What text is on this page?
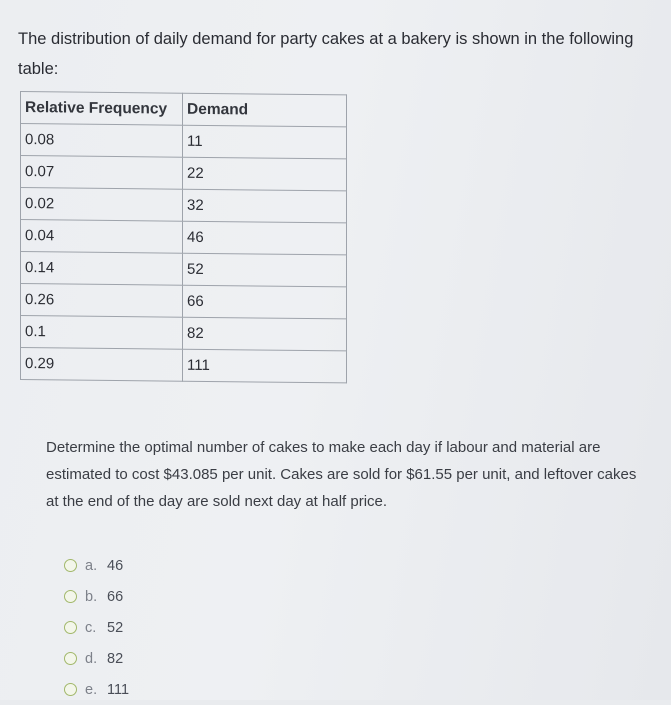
The distribution of daily demand for party cakes at a bakery is shown in the following table:

Relative Frequency	Demand
0.08	11
0.07	22
0.02	32
0.04	46
0.14	52
0.26	66
0.1	82
0.29	111

Determine the optimal number of cakes to make each day if labour and material are estimated to cost $43.085 per unit. Cakes are sold for $61.55 per unit, and leftover cakes at the end of the day are sold next day at half price.

a. 46
b. 66
c. 52
d. 82
e. 111
